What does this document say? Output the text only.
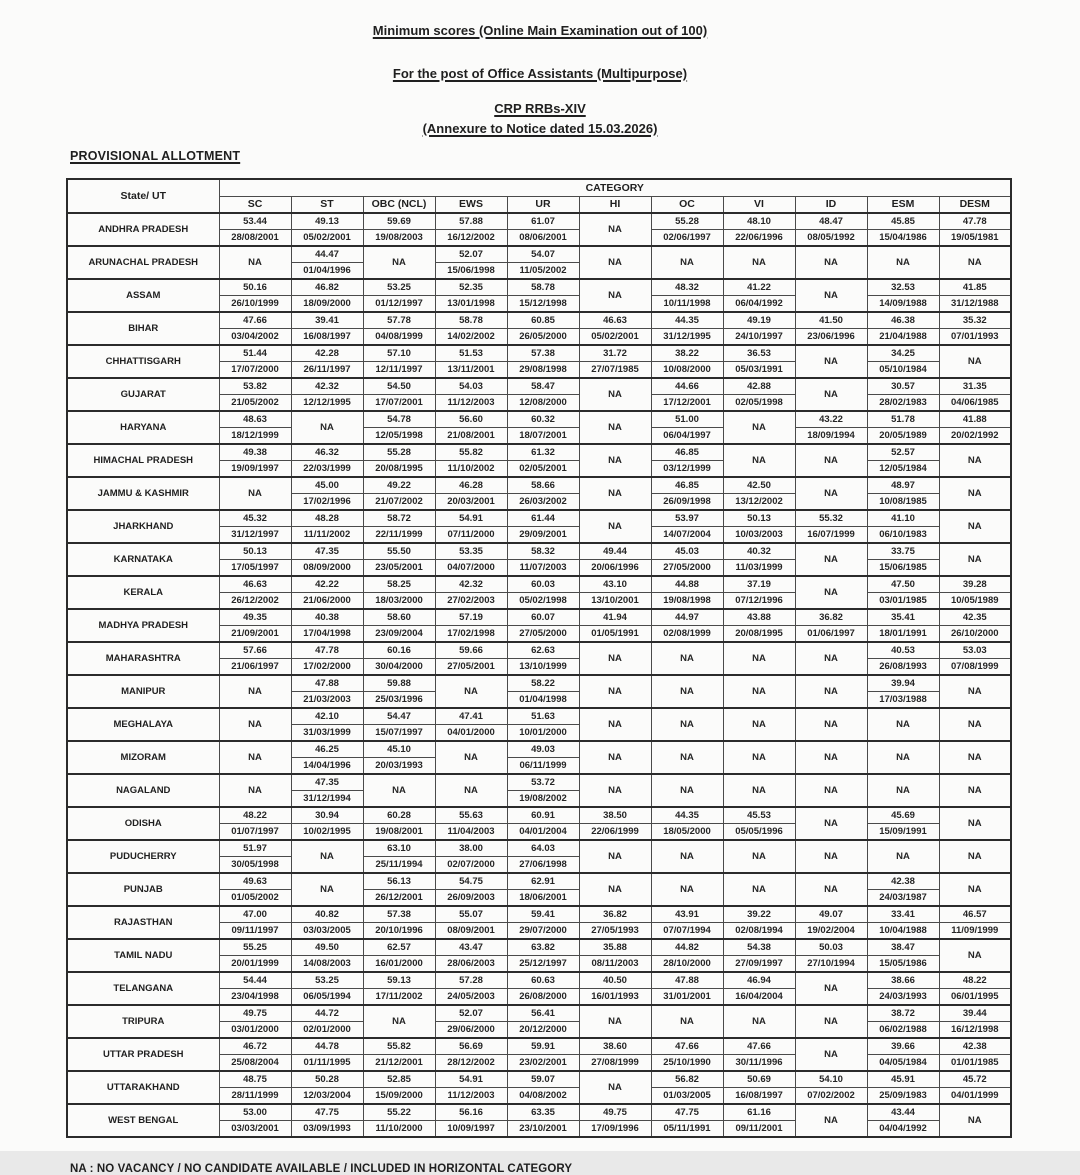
Minimum scores (Online Main Examination out of 100)
For the post of Office Assistants (Multipurpose)
CRP RRBs-XIV
(Annexure to Notice dated 15.03.2026)
PROVISIONAL ALLOTMENT
State/ UT	CATEGORY										
	SC	ST	OBC (NCL)	EWS	UR	HI	OC	VI	ID	ESM	DESM
ANDHRA PRADESH	53.44	49.13	59.69	57.88	61.07	NA	55.28	48.10	48.47	45.85	47.78
	28/08/2001	05/02/2001	19/08/2003	16/12/2002	08/06/2001		02/06/1997	22/06/1996	08/05/1992	15/04/1986	19/05/1981
ARUNACHAL PRADESH	NA	44.47	NA	52.07	54.07	NA	NA	NA	NA	NA	NA
		01/04/1996		15/06/1998	11/05/2002						
ASSAM	50.16	46.82	53.25	52.35	58.78	NA	48.32	41.22	NA	32.53	41.85
	26/10/1999	18/09/2000	01/12/1997	13/01/1998	15/12/1998		10/11/1998	06/04/1992		14/09/1988	31/12/1988
BIHAR	47.66	39.41	57.78	58.78	60.85	46.63	44.35	49.19	41.50	46.38	35.32
	03/04/2002	16/08/1997	04/08/1999	14/02/2002	26/05/2000	05/02/2001	31/12/1995	24/10/1997	23/06/1996	21/04/1988	07/01/1993
CHHATTISGARH	51.44	42.28	57.10	51.53	57.38	31.72	38.22	36.53	NA	34.25	NA
	17/07/2000	26/11/1997	12/11/1997	13/11/2001	29/08/1998	27/07/1985	10/08/2000	05/03/1991		05/10/1984	
GUJARAT	53.82	42.32	54.50	54.03	58.47	NA	44.66	42.88	NA	30.57	31.35
	21/05/2002	12/12/1995	17/07/2001	11/12/2003	12/08/2000		17/12/2001	02/05/1998		28/02/1983	04/06/1985
HARYANA	48.63	NA	54.78	56.60	60.32	NA	51.00	NA	43.22	51.78	41.88
	18/12/1999		12/05/1998	21/08/2001	18/07/2001		06/04/1997		18/09/1994	20/05/1989	20/02/1992
HIMACHAL PRADESH	49.38	46.32	55.28	55.82	61.32	NA	46.85	NA	NA	52.57	NA
	19/09/1997	22/03/1999	20/08/1995	11/10/2002	02/05/2001		03/12/1999			12/05/1984	
JAMMU & KASHMIR	NA	45.00	49.22	46.28	58.66	NA	46.85	42.50	NA	48.97	NA
		17/02/1996	21/07/2002	20/03/2001	26/03/2002		26/09/1998	13/12/2002		10/08/1985	
JHARKHAND	45.32	48.28	58.72	54.91	61.44	NA	53.97	50.13	55.32	41.10	NA
	31/12/1997	11/11/2002	22/11/1999	07/11/2000	29/09/2001		14/07/2004	10/03/2003	16/07/1999	06/10/1983	
KARNATAKA	50.13	47.35	55.50	53.35	58.32	49.44	45.03	40.32	NA	33.75	NA
	17/05/1997	08/09/2000	23/05/2001	04/07/2000	11/07/2003	20/06/1996	27/05/2000	11/03/1999		15/06/1985	
KERALA	46.63	42.22	58.25	42.32	60.03	43.10	44.88	37.19	NA	47.50	39.28
	26/12/2002	21/06/2000	18/03/2000	27/02/2003	05/02/1998	13/10/2001	19/08/1998	07/12/1996		03/01/1985	10/05/1989
MADHYA PRADESH	49.35	40.38	58.60	57.19	60.07	41.94	44.97	43.88	36.82	35.41	42.35
	21/09/2001	17/04/1998	23/09/2004	17/02/1998	27/05/2000	01/05/1991	02/08/1999	20/08/1995	01/06/1997	18/01/1991	26/10/2000
MAHARASHTRA	57.66	47.78	60.16	59.66	62.63	NA	NA	NA	NA	40.53	53.03
	21/06/1997	17/02/2000	30/04/2000	27/05/2001	13/10/1999					26/08/1993	07/08/1999
MANIPUR	NA	47.88	59.88	NA	58.22	NA	NA	NA	NA	39.94	NA
		21/03/2003	25/03/1996		01/04/1998					17/03/1988	
MEGHALAYA	NA	42.10	54.47	47.41	51.63	NA	NA	NA	NA	NA	NA
		31/03/1999	15/07/1997	04/01/2000	10/01/2000						
MIZORAM	NA	46.25	45.10	NA	49.03	NA	NA	NA	NA	NA	NA
		14/04/1996	20/03/1993		06/11/1999						
NAGALAND	NA	47.35	NA	NA	53.72	NA	NA	NA	NA	NA	NA
		31/12/1994			19/08/2002						
ODISHA	48.22	30.94	60.28	55.63	60.91	38.50	44.35	45.53	NA	45.69	NA
	01/07/1997	10/02/1995	19/08/2001	11/04/2003	04/01/2004	22/06/1999	18/05/2000	05/05/1996		15/09/1991	
PUDUCHERRY	51.97	NA	63.10	38.00	64.03	NA	NA	NA	NA	NA	NA
	30/05/1998		25/11/1994	02/07/2000	27/06/1998						
PUNJAB	49.63	NA	56.13	54.75	62.91	NA	NA	NA	NA	42.38	NA
	01/05/2002		26/12/2001	26/09/2003	18/06/2001					24/03/1987	
RAJASTHAN	47.00	40.82	57.38	55.07	59.41	36.82	43.91	39.22	49.07	33.41	46.57
	09/11/1997	03/03/2005	20/10/1996	08/09/2001	29/07/2000	27/05/1993	07/07/1994	02/08/1994	19/02/2004	10/04/1988	11/09/1999
TAMIL NADU	55.25	49.50	62.57	43.47	63.82	35.88	44.82	54.38	50.03	38.47	NA
	20/01/1999	14/08/2003	16/01/2000	28/06/2003	25/12/1997	08/11/2003	28/10/2000	27/09/1997	27/10/1994	15/05/1986	
TELANGANA	54.44	53.25	59.13	57.28	60.63	40.50	47.88	46.94	NA	38.66	48.22
	23/04/1998	06/05/1994	17/11/2002	24/05/2003	26/08/2000	16/01/1993	31/01/2001	16/04/2004		24/03/1993	06/01/1995
TRIPURA	49.75	44.72	NA	52.07	56.41	NA	NA	NA	NA	38.72	39.44
	03/01/2000	02/01/2000		29/06/2000	20/12/2000					06/02/1988	16/12/1998
UTTAR PRADESH	46.72	44.78	55.82	56.69	59.91	38.60	47.66	47.66	NA	39.66	42.38
	25/08/2004	01/11/1995	21/12/2001	28/12/2002	23/02/2001	27/08/1999	25/10/1990	30/11/1996		04/05/1984	01/01/1985
UTTARAKHAND	48.75	50.28	52.85	54.91	59.07	NA	56.82	50.69	54.10	45.91	45.72
	28/11/1999	12/03/2004	15/09/2000	11/12/2003	04/08/2002		01/03/2005	16/08/1997	07/02/2002	25/09/1983	04/01/1999
WEST BENGAL	53.00	47.75	55.22	56.16	63.35	49.75	47.75	61.16	NA	43.44	NA
	03/03/2001	03/09/1993	11/10/2000	10/09/1997	23/10/2001	17/09/1996	05/11/1991	09/11/2001		04/04/1992	
NA : NO VACANCY / NO CANDIDATE AVAILABLE / INCLUDED IN HORIZONTAL CATEGORY
